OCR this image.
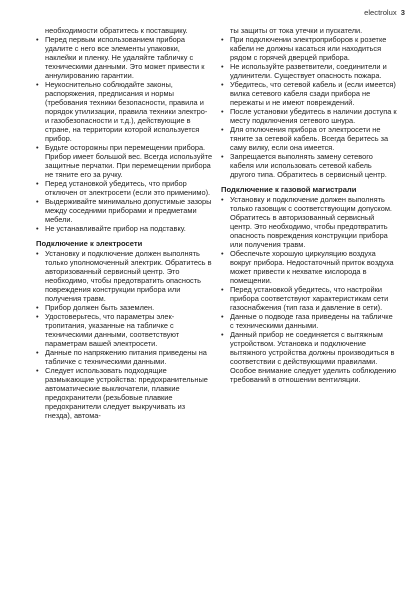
electrolux 3
необходимости обратитесь к поставщику.
• Перед первым использованием прибора удалите с него все элементы упаковки, наклейки и пленку. Не удаляйте табличку с техническими данными. Это может привести к аннулированию гарантии.
• Неукоснительно соблюдайте законы, распоряжения, предписания и нормы (требования техники безопасности, правила и порядок утилизации, правила техники электро- и газобезопасности и т.д.), действующие в стране, на территории которой используется прибор.
• Будьте осторожны при перемещении прибора. Прибор имеет большой вес. Всегда используйте защитные перчатки. При перемещении прибора не тяните его за ручку.
• Перед установкой убедитесь, что прибор отключен от электросети (если это применимо).
• Выдерживайте минимально допустимые зазоры между соседними приборами и предметами мебели.
• Не устанавливайте прибор на подставку.
Подключение к электросети
• Установку и подключение должен выполнять только уполномоченный электрик. Обратитесь в авторизованный сервисный центр. Это необходимо, чтобы предотвратить опасность повреждения конструкции прибора или получения травм.
• Прибор должен быть заземлен.
• Удостоверьтесь, что параметры электропитания, указанные на табличке с техническими данными, соответствуют параметрам вашей электросети.
• Данные по напряжению питания приведены на табличке с техническими данными.
• Следует использовать подходящие размыкающие устройства: предохранительные автоматические выключатели, плавкие предохранители (резьбовые плавкие предохранители следует выкручивать из гнезда), автома-
ты защиты от тока утечки и пускатели.
• При подключении электроприборов к розетке кабели не должны касаться или находиться рядом с горячей дверцей прибора.
• Не используйте разветвители, соединители и удлинители. Существует опасность пожара.
• Убедитесь, что сетевой кабель и (если имеется) вилка сетевого кабеля сзади прибора не пережаты и не имеют повреждений.
• После установки убедитесь в наличии доступа к месту подключения сетевого шнура.
• Для отключения прибора от электросети не тяните за сетевой кабель. Всегда беритесь за саму вилку, если она имеется.
• Запрещается выполнять замену сетевого кабеля или использовать сетевой кабель другого типа. Обратитесь в сервисный центр.
Подключение к газовой магистрали
• Установку и подключение должен выполнять только газовщик с соответствующим допуском. Обратитесь в авторизованный сервисный центр. Это необходимо, чтобы предотвратить опасность повреждения конструкции прибора или получения травм.
• Обеспечьте хорошую циркуляцию воздуха вокруг прибора. Недостаточный приток воздуха может привести к нехватке кислорода в помещении.
• Перед установкой убедитесь, что настройки прибора соответствуют характеристикам сети газоснабжения (тип газа и давление в сети).
• Данные о подводе газа приведены на табличке с техническими данными.
• Данный прибор не соединяется с вытяжным устройством. Установка и подключение вытяжного устройства должны производиться в соответствии с действующими правилами. Особое внимание следует уделить соблюдению требований в отношении вентиляции.
